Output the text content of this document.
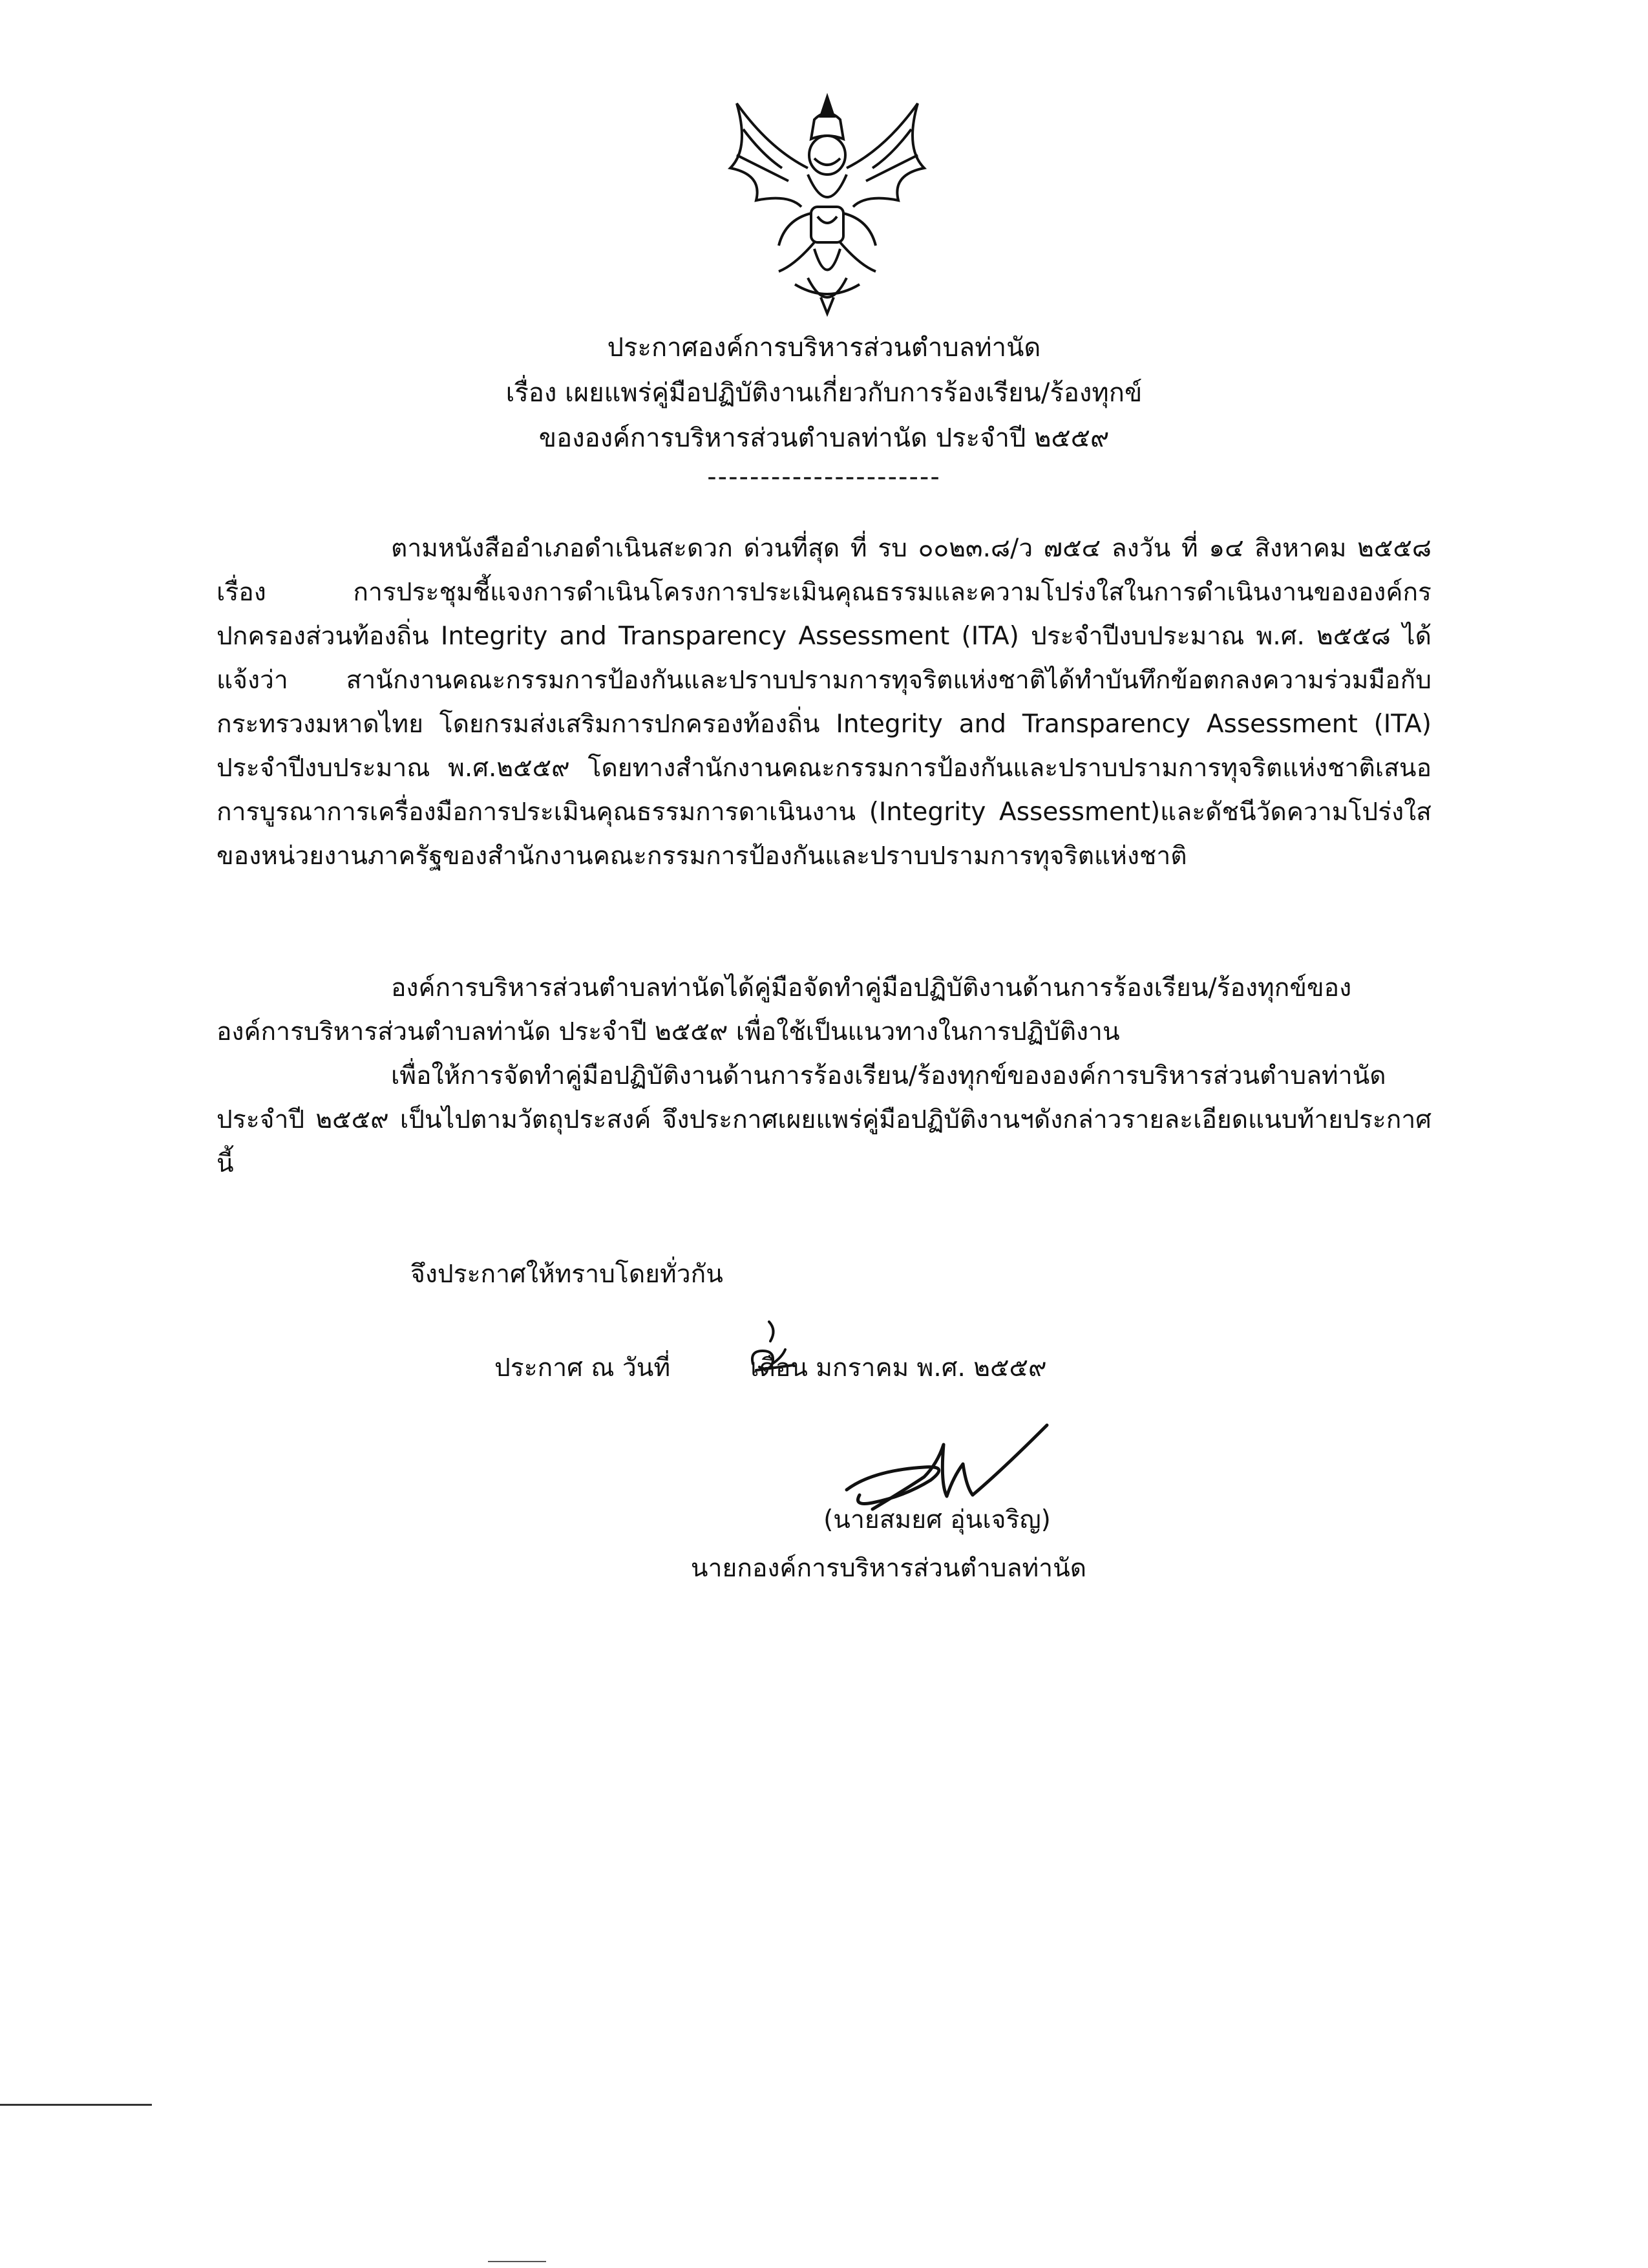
ประกาศองค์การบริหารส่วนตำบลท่านัด
เรื่อง เผยแพร่คู่มือปฏิบัติงานเกี่ยวกับการร้องเรียน/ร้องทุกข์
ขององค์การบริหารส่วนตำบลท่านัด ประจำปี ๒๕๕๙
----------------------

ตามหนังสืออำเภอดำเนินสะดวก ด่วนที่สุด ที่ รบ ๐๐๒๓.๘/ว ๗๕๔ ลงวัน ที่ ๑๔ สิงหาคม ๒๕๕๘ เรื่อง การประชุมชี้แจงการดำเนินโครงการประเมินคุณธรรมและความโปร่งใสในการดำเนินงานขององค์กรปกครองส่วนท้องถิ่น Integrity and Transparency Assessment (ITA) ประจำปีงบประมาณ พ.ศ. ๒๕๕๘ ได้แจ้งว่า สานักงานคณะกรรมการป้องกันและปราบปรามการทุจริตแห่งชาติได้ทำบันทึกข้อตกลงความร่วมมือกับ กระทรวงมหาดไทย โดยกรมส่งเสริมการปกครองท้องถิ่น Integrity and Transparency Assessment (ITA) ประจำปีงบประมาณ พ.ศ.๒๕๕๙ โดยทางสำนักงานคณะกรรมการป้องกันและปราบปรามการทุจริตแห่งชาติเสนอการบูรณาการเครื่องมือการประเมินคุณธรรมการดาเนินงาน (Integrity Assessment)และดัชนีวัดความโปร่งใสของหน่วยงานภาครัฐของสำนักงานคณะกรรมการป้องกันและปราบปรามการทุจริตแห่งชาติ

องค์การบริหารส่วนตำบลท่านัดได้คู่มือจัดทำคู่มือปฏิบัติงานด้านการร้องเรียน/ร้องทุกข์ขององค์การบริหารส่วนตำบลท่านัด ประจำปี ๒๕๕๙ เพื่อใช้เป็นแนวทางในการปฏิบัติงาน

เพื่อให้การจัดทำคู่มือปฏิบัติงานด้านการร้องเรียน/ร้องทุกข์ขององค์การบริหารส่วนตำบลท่านัด ประจำปี ๒๕๕๙ เป็นไปตามวัตถุประสงค์ จึงประกาศเผยแพร่คู่มือปฏิบัติงานฯดังกล่าวรายละเอียดแนบท้ายประกาศนี้

จึงประกาศให้ทราบโดยทั่วกัน
ประกาศ ณ วันที่	เดือน มกราคม พ.ศ. ๒๕๕๙
(นายสมยศ อุ่นเจริญ)
นายกองค์การบริหารส่วนตำบลท่านัด
